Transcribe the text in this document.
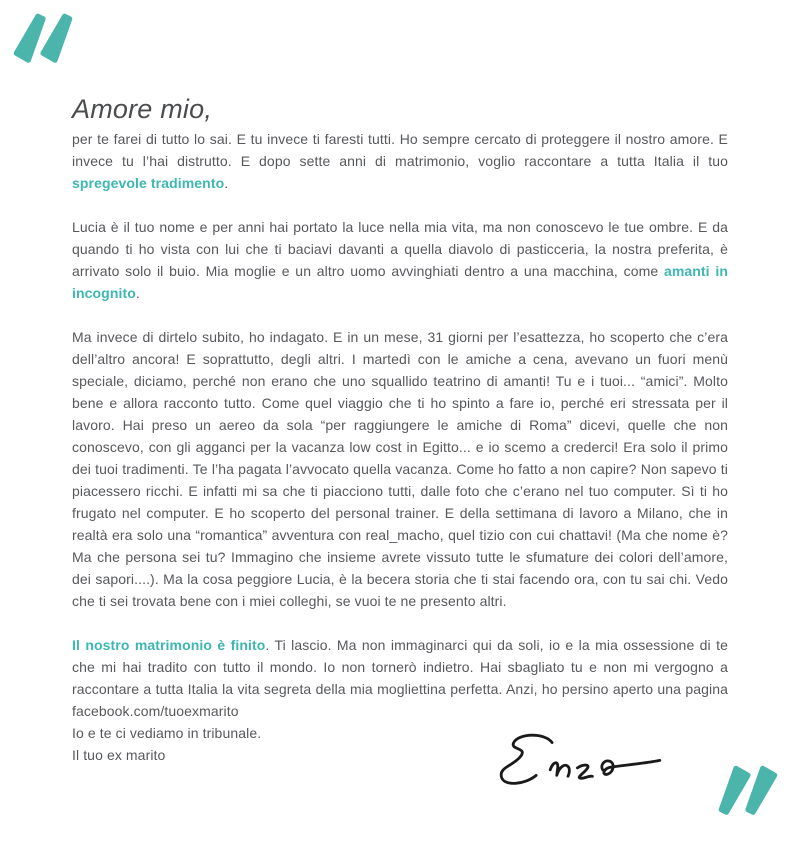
Amore mio,

per te farei di tutto lo sai. E tu invece ti faresti tutti. Ho sempre cercato di proteggere il nostro amore. E invece tu l’hai distrutto. E dopo sette anni di matrimonio, voglio raccontare a tutta Italia il tuo spregevole tradimento.

Lucia è il tuo nome e per anni hai portato la luce nella mia vita, ma non conoscevo le tue ombre. E da quando ti ho vista con lui che ti baciavi davanti a quella diavolo di pasticceria, la nostra preferita, è arrivato solo il buio. Mia moglie e un altro uomo avvinghiati dentro a una macchina, come amanti in incognito.

Ma invece di dirtelo subito, ho indagato. E in un mese, 31 giorni per l’esattezza, ho scoperto che c’era dell’altro ancora! E soprattutto, degli altri. I martedì con le amiche a cena, avevano un fuori menù speciale, diciamo, perché non erano che uno squallido teatrino di amanti! Tu e i tuoi... “amici”. Molto bene e allora racconto tutto. Come quel viaggio che ti ho spinto a fare io, perché eri stressata per il lavoro. Hai preso un aereo da sola “per raggiungere le amiche di Roma” dicevi, quelle che non conoscevo, con gli agganci per la vacanza low cost in Egitto... e io scemo a crederci! Era solo il primo dei tuoi tradimenti. Te l’ha pagata l’avvocato quella vacanza. Come ho fatto a non capire? Non sapevo ti piacessero ricchi. E infatti mi sa che ti piacciono tutti, dalle foto che c’erano nel tuo computer. Sì ti ho frugato nel computer. E ho scoperto del personal trainer. E della settimana di lavoro a Milano, che in realtà era solo una “romantica” avventura con real_macho, quel tizio con cui chattavi! (Ma che nome è? Ma che persona sei tu? Immagino che insieme avrete vissuto tutte le sfumature dei colori dell’amore, dei sapori....). Ma la cosa peggiore Lucia, è la becera storia che ti stai facendo ora, con tu sai chi. Vedo che ti sei trovata bene con i miei colleghi, se vuoi te ne presento altri.

Il nostro matrimonio è finito. Ti lascio. Ma non immaginarci qui da soli, io e la mia ossessione di te che mi hai tradito con tutto il mondo. Io non tornerò indietro. Hai sbagliato tu e non mi vergogno a raccontare a tutta Italia la vita segreta della mia mogliettina perfetta. Anzi, ho persino aperto una pagina facebook.com/tuoexmarito
Io e te ci vediamo in tribunale.
Il tuo ex marito
